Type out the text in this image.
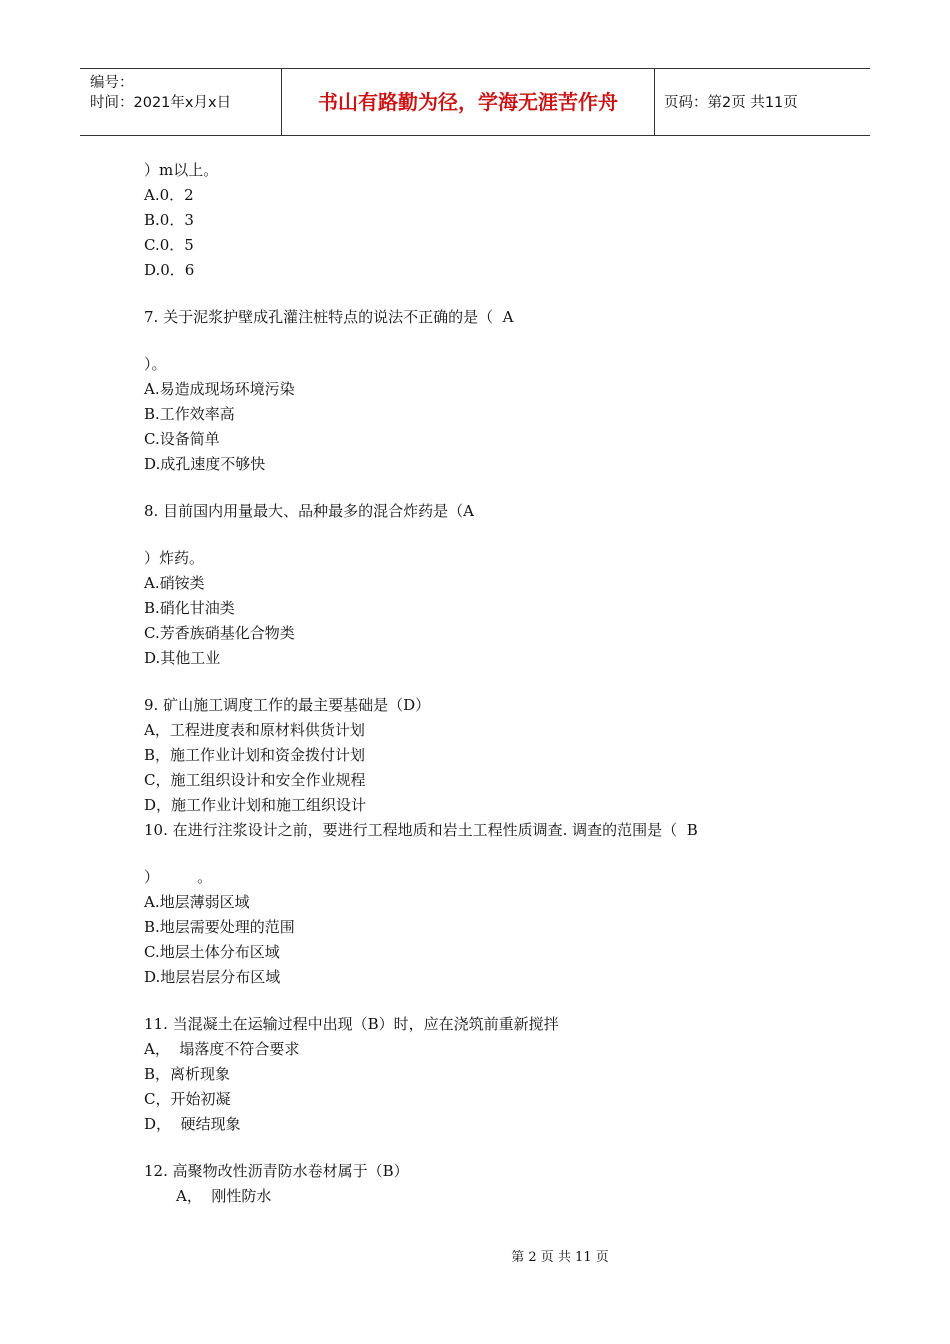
编号：
时间：2021年x月x日	书山有路勤为径，学海无涯苦作舟	页码：第2页 共11页
）m以上。
A.0．2
B.0．3
C.0．5
D.0．6
7. 关于泥浆护壁成孔灌注桩特点的说法不正确的是（  A
）。
A.易造成现场环境污染
B.工作效率高
C.设备简单
D.成孔速度不够快
8. 目前国内用量最大、品种最多的混合炸药是（A
）炸药。
A.硝铵类
B.硝化甘油类
C.芳香族硝基化合物类
D.其他工业
9. 矿山施工调度工作的最主要基础是（D）
A，工程进度表和原材料供货计划
B，施工作业计划和资金拨付计划
C，施工组织设计和安全作业规程
D，施工作业计划和施工组织设计
10. 在进行注浆设计之前，要进行工程地质和岩土工程性质调查. 调查的范围是（  B
）        。
A.地层薄弱区域
B.地层需要处理的范围
C.地层土体分布区域
D.地层岩层分布区域
11. 当混凝土在运输过程中出现（B）时，应在浇筑前重新搅拌
A，  塌落度不符合要求
B，离析现象
C，开始初凝
D，  硬结现象
12. 高聚物改性沥青防水卷材属于（B）
A，  刚性防水
第 2 页 共 11 页
